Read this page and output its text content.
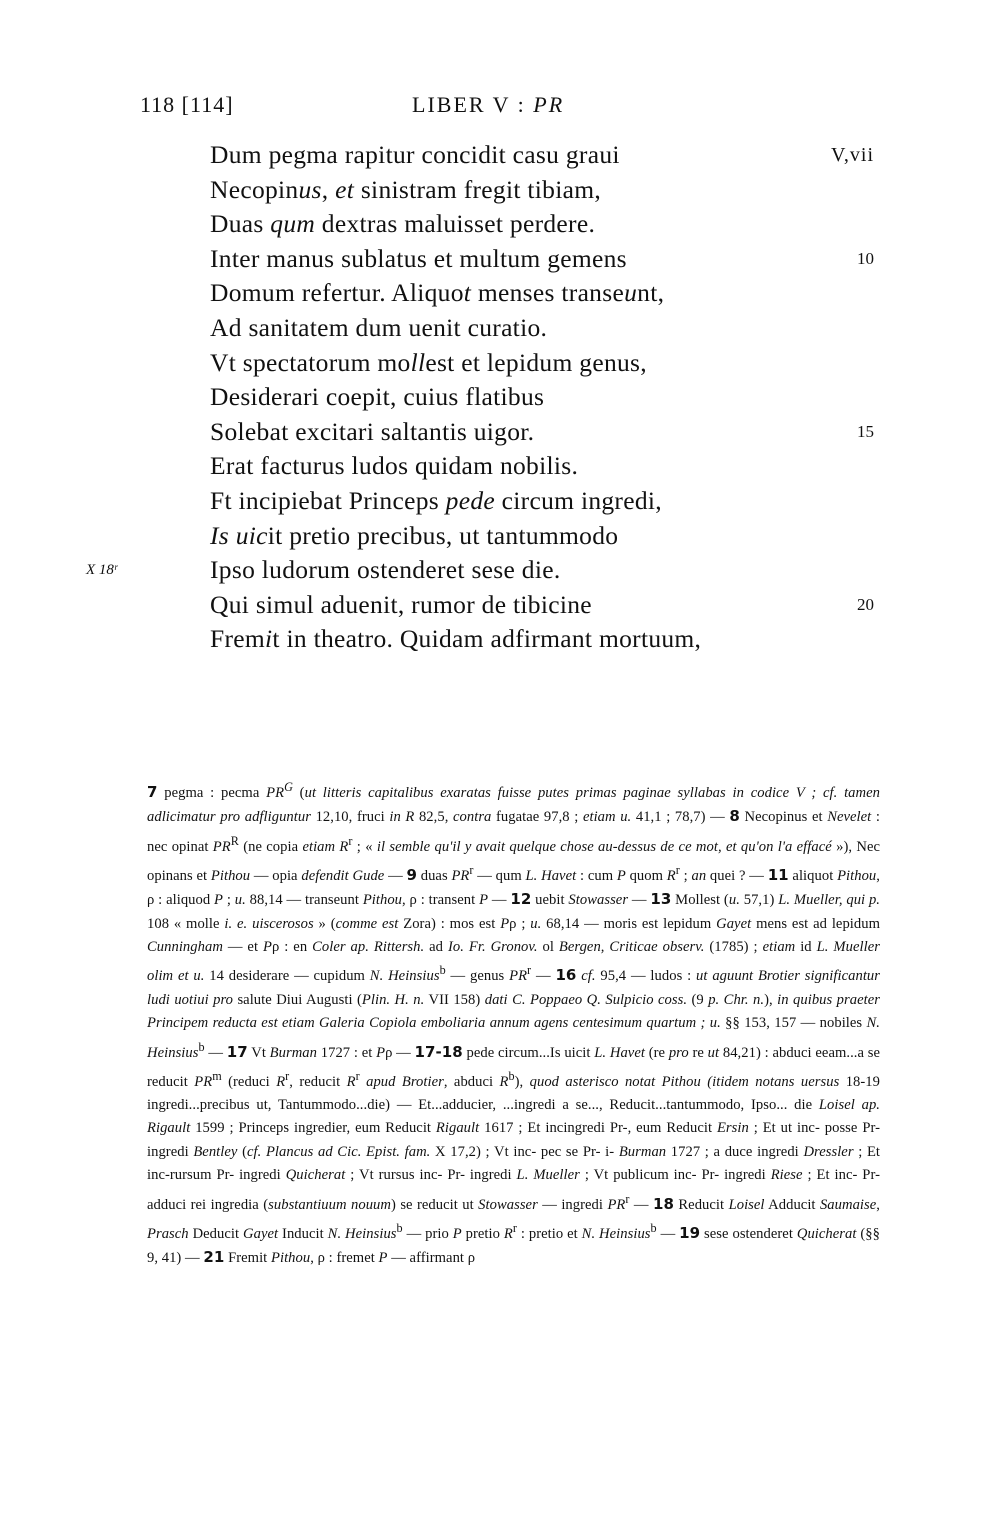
118 [114]	LIBER V : PR
Dum pegma rapitur concidit casu graui	V,vii
Necopinus, et sinistram fregit tibiam,
Duas qum dextras maluisset perdere.
Inter manus sublatus et multum gemens	10
Domum refertur. Aliquot menses transeunt,
Ad sanitatem dum uenit curatio.
Vt spectatorum mollest et lepidum genus,
Desiderari coepit, cuius flatibus
Solebat excitari saltantis uigor.	15
Erat facturus ludos quidam nobilis.
Ft incipiebat Princeps pede circum ingredi,
Is uicit pretio precibus, ut tantummodo
Ipso ludorum ostenderet sese die.
X 18ʳ
Qui simul aduenit, rumor de tibicine	20
Fremit in theatro. Quidam adfirmant mortuum,
7 pegma : pecma $PR^G$ (ut litteris capitalibus exaratas fuisse putes primas paginae syllabas in codice V ; cf. tamen adlicimatur pro adfliguntur 12,10, fruci in R 82,5, contra fugatae 97,8 ; etiam u. 41,1 ; 78,7) — 8 Necopinus et Nevelet : nec opinat $PR^R$ (ne copia etiam $R^r$ ; « il semble qu'il y avait quelque chose au-dessus de ce mot, et qu'on l'a effacé »), Nec opinans et Pithou — opia defendit Gude — 9 duas $PR^r$ — qum L. Havet : cum P quom $R^r$ ; an quei ? — 11 aliquot Pithou, ρ : aliquod P ; u. 88,14 — transeunt Pithou, ρ : transent P — 12 uebit Stowasser — 13 Mollest (u. 57,1) L. Mueller, qui p. 108 « molle i. e. uiscerosos » (comme est Zora) : mos est Pρ ; u. 68,14 — moris est lepidum Gayet mens est ad lepidum Cunningham — et Pρ : en Coler ap. Rittersh. ad Io. Fr. Gronov. ol Bergen, Criticae observ. (1785) ; etiam id L. Mueller olim et u. 14 desiderare — cupidum N. Heinsius$^b$ — genus $PR^r$ — 16 cf. 95,4 — ludos : ut aguunt Brotier significantur ludi uotiui pro salute Diui Augusti (Plin. H. n. VII 158) dati C. Poppaeo Q. Sulpicio coss. (9 p. Chr. n.), in quibus praeter Principem reducta est etiam Galeria Copiola emboliaria annum agens centesimum quartum ; u. §§ 153, 157 — nobiles N. Heinsius$^b$ — 17 Vt Burman 1727 : et Pρ — 17-18 pede circum...Is uicit L. Havet (re pro re ut 84,21) : abduci eeam...a se reducit $PR^m$ (reduci $R^r$, reducit $R^r$ apud Brotier, abduci $R^b$), quod asterisco notat Pithou (itidem notans uersus 18-19 ingredi...precibus ut, Tantummodo...die) — Et...adducier, ...ingredi a se..., Reducit...tantummodo, Ipso... die Loisel ap. Rigault 1599 ; Princeps ingredier, eum Reducit Rigault 1617 ; Et incingredi Pr-, eum Reducit Ersin ; Et ut inc- posse Pr- ingredi Bentley (cf. Plancus ad Cic. Epist. fam. X 17,2) ; Vt inc- pec se Pr- i- Burman 1727 ; a duce ingredi Dressler ; Et inc-rursum Pr- ingredi Quicherat ; Vt rursus inc- Pr- ingredi L. Mueller ; Vt publicum inc- Pr- ingredi Riese ; Et inc- Pr- adduci rei ingredia (substantiuum nouum) se reducit ut Stowasser — ingredi $PR^r$ — 18 Reducit Loisel Adducit Saumaise, Prasch Deducit Gayet Inducit N. Heinsius$^b$ — prio P pretio $R^r$ : pretio et N. Heinsius$^b$ — 19 sese ostenderet Quicherat (§§ 9, 41) — 21 Fremit Pithou, ρ : fremet P — affirmant ρ
